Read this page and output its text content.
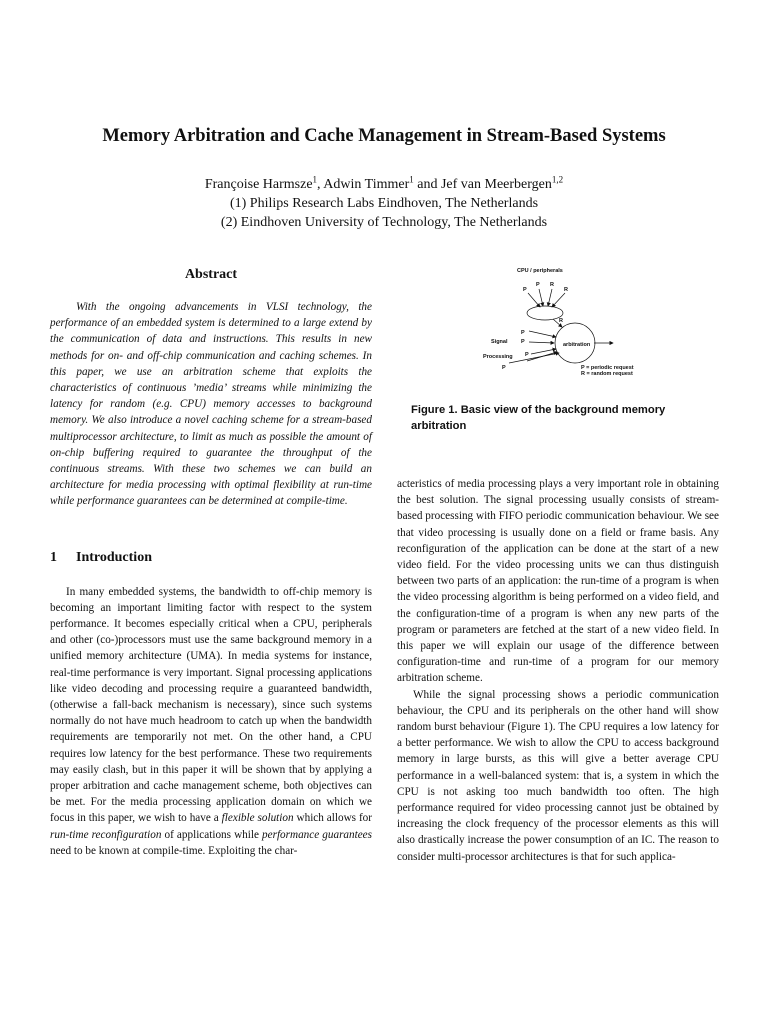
Memory Arbitration and Cache Management in Stream-Based Systems
Françoise Harmsze$^1$, Adwin Timmer$^1$ and Jef van Meerbergen$^{1,2}$
(1) Philips Research Labs Eindhoven, The Netherlands
(2) Eindhoven University of Technology, The Netherlands
Abstract

With the ongoing advancements in VLSI technology, the performance of an embedded system is determined to a large extend by the communication of data and instructions. This results in new methods for on- and off-chip communication and caching schemes. In this paper, we use an arbitration scheme that exploits the characteristics of continuous ’media’ streams while minimizing the latency for random (e.g. CPU) memory accesses to background memory. We also introduce a novel caching scheme for a stream-based multiprocessor architecture, to limit as much as possible the amount of on-chip buffering required to guarantee the throughput of the continuous streams. With these two schemes we can build an architecture for media processing with optimal flexibility at run-time while performance guarantees can be determined at compile-time.

1 Introduction

In many embedded systems, the bandwidth to off-chip memory is becoming an important limiting factor with respect to the system performance. It becomes especially critical when a CPU, peripherals and other (co-)processors must use the same background memory in a unified memory architecture (UMA). In media systems for instance, real-time performance is very important. Signal processing applications like video decoding and processing require a guaranteed bandwidth, (otherwise a fall-back mechanism is necessary), since such systems normally do not have much headroom to catch up when the bandwidth requirements are temporarily not met. On the other hand, a CPU requires low latency for the best performance. These two requirements may easily clash, but in this paper it will be shown that by applying a proper arbitration and cache management scheme, both objectives can be met. For the media processing application domain on which we focus in this paper, we wish to have a flexible solution which allows for run-time reconfiguration of applications while performance guarantees need to be known at compile-time. Exploiting the char-

CPU / peripherals
P
P R
R
R
P
P
P
P
Signal
Processing
arbitration
P = periodic request
R = random request
Figure 1. Basic view of the background memory arbitration

acteristics of media processing plays a very important role in obtaining the best solution. The signal processing usually consists of stream-based processing with FIFO periodic communication behaviour. We see that video processing is usually done on a field or frame basis. Any reconfiguration of the application can be done at the start of a new video field. For the video processing units we can thus distinguish between two parts of an application: the run-time of a program is when the video processing algorithm is being performed on a video field, and the configuration-time of a program is when any new parts of the program or parameters are fetched at the start of a new video field. In this paper we will explain our usage of the difference between configuration-time and run-time of a program for our memory arbitration scheme.

While the signal processing shows a periodic communication behaviour, the CPU and its peripherals on the other hand will show random burst behaviour (Figure 1). The CPU requires a low latency for a better performance. We wish to allow the CPU to access background memory in large bursts, as this will give a better average CPU performance in a well-balanced system: that is, a system in which the CPU is not asking too much bandwidth too often. The high performance required for video processing cannot just be obtained by increasing the clock frequency of the processor elements as this will also drastically increase the power consumption of an IC. The reason to consider multi-processor architectures is that for such applica-
